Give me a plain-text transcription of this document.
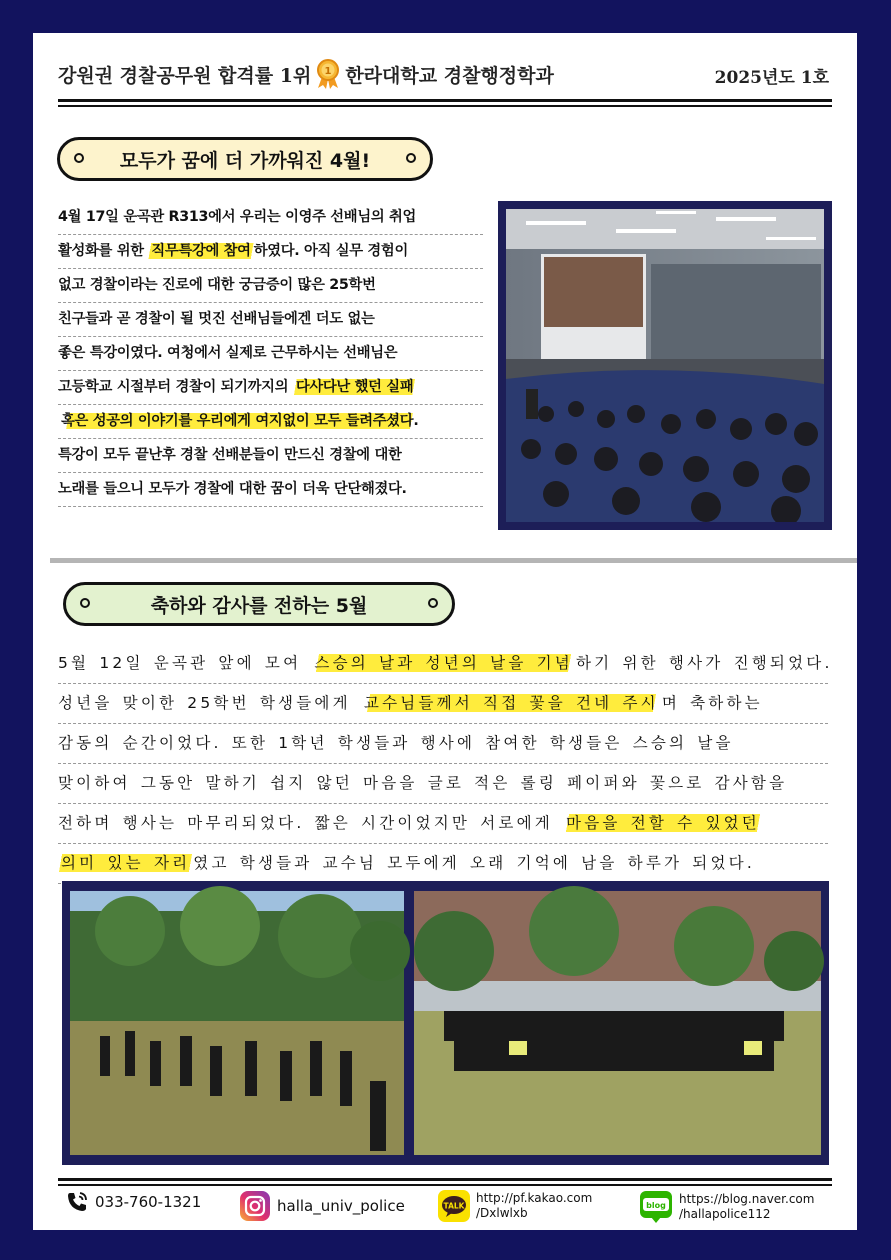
강원권 경찰공무원 합격률 1위 1 한라대학교 경찰행정학과	2025년도 1호
모두가 꿈에 더 가까워진 4월!
4월 17일 운곡관 R313에서 우리는 이영주 선배님의 취업
활성화를 위한 직무특강에 참여 하였다. 아직 실무 경험이
없고 경찰이라는 진로에 대한 궁금증이 많은 25학번
친구들과 곧 경찰이 될 멋진 선배님들에겐 더도 없는
좋은 특강이였다. 여청에서 실제로 근무하시는 선배님은
고등학교 시절부터 경찰이 되기까지의 다사다난 했던 실패
혹은 성공의 이야기를 우리에게 여지없이 모두 들려주셨다.
특강이 모두 끝난후 경찰 선배분들이 만드신 경찰에 대한
노래를 들으니 모두가 경찰에 대한 꿈이 더욱 단단해졌다.
축하와 감사를 전하는 5월
5월 12일 운곡관 앞에 모여 스승의 날과 성년의 날을 기념 하기 위한 행사가 진행되었다.
성년을 맞이한 25학번 학생들에게 교수님들께서 직접 꽃을 건네 주시 며 축하하는
감동의 순간이었다. 또한 1학년 학생들과 행사에 참여한 학생들은 스승의 날을
맞이하여 그동안 말하기 쉽지 않던 마음을 글로 적은 롤링 페이퍼와 꽃으로 감사함을
전하며 행사는 마무리되었다. 짧은 시간이었지만 서로에게 마음을 전할 수 있었던
의미 있는 자리 였고 학생들과 교수님 모두에게 오래 기억에 남을 하루가 되었다.
033-760-1321	halla_univ_police	TALK
http://pf.kakao.com
/Dxlwlxb
blog https://blog.naver.com
/hallapolice112
